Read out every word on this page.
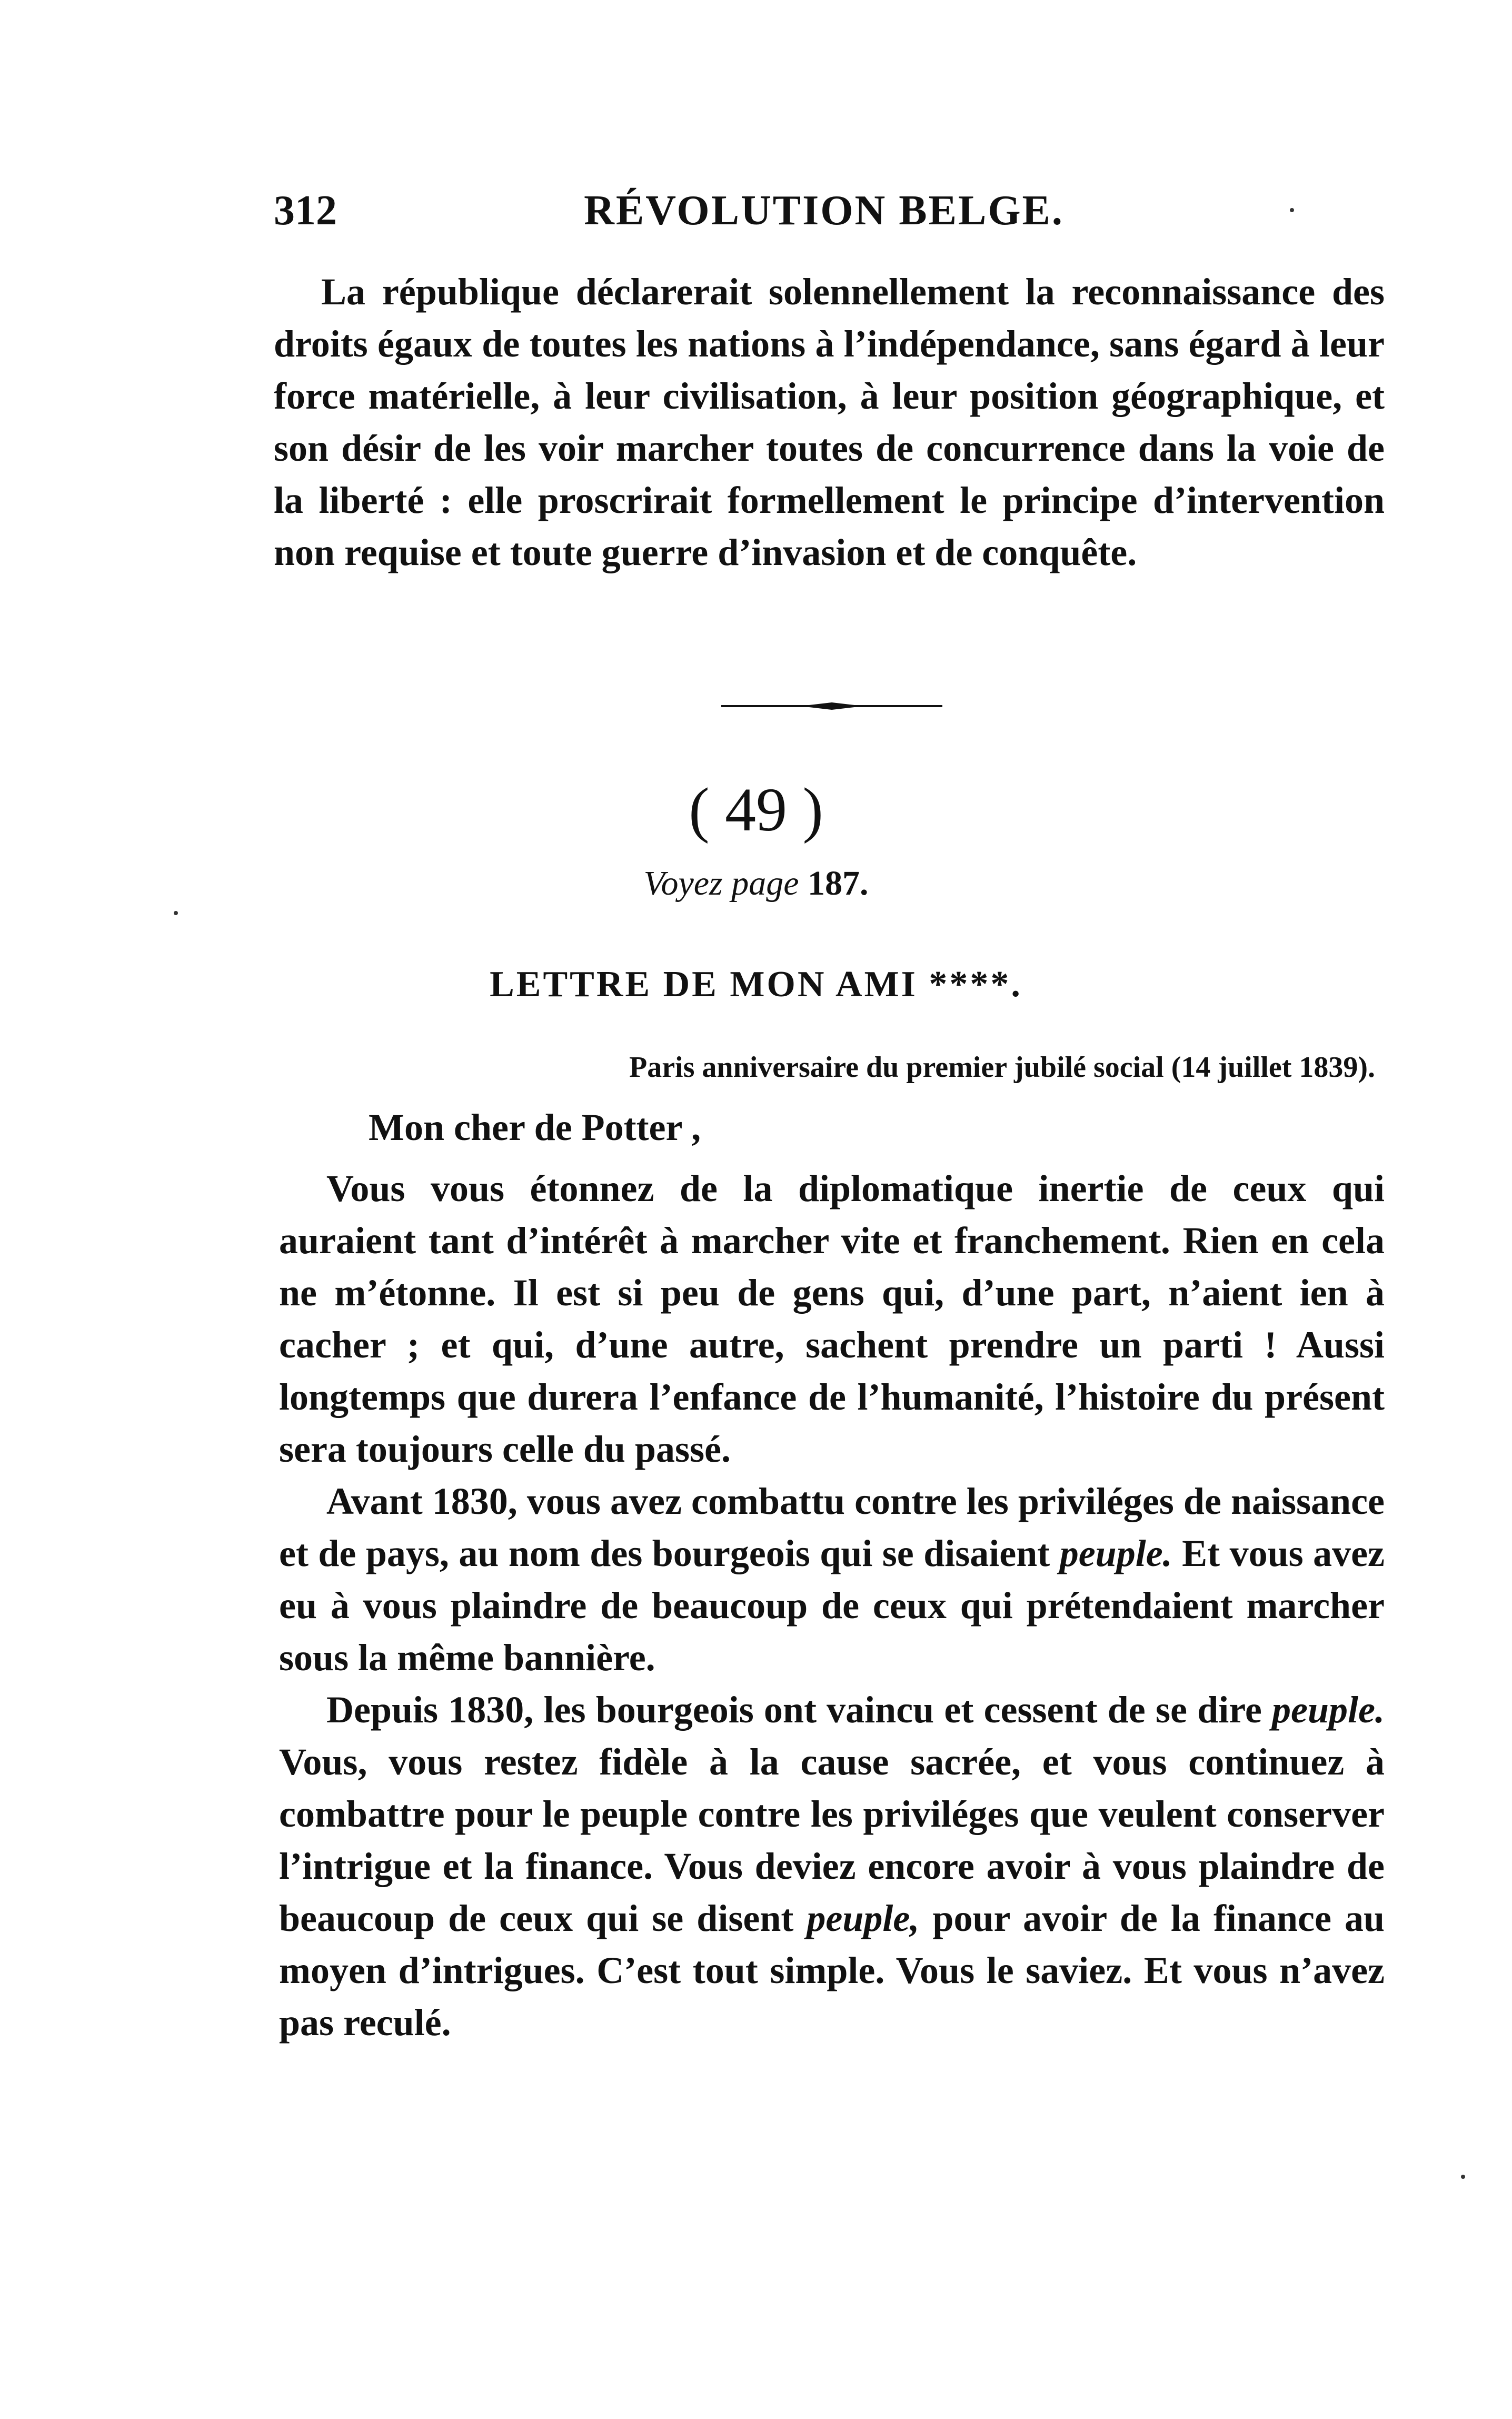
312	RÉVOLUTION BELGE.

La république déclarerait solennellement la reconnaissance des droits égaux de toutes les nations à l’indépendance, sans égard à leur force matérielle, à leur civilisation, à leur position géographique, et son désir de les voir marcher toutes de concurrence dans la voie de la liberté : elle proscrirait formellement le principe d’intervention non requise et toute guerre d’invasion et de conquête.

( 49 )
Voyez page 187.
LETTRE DE MON AMI ****.
Paris anniversaire du premier jubilé social (14 juillet 1839).
Mon cher de Potter ,

Vous vous étonnez de la diplomatique inertie de ceux qui auraient tant d’intérêt à marcher vite et franchement. Rien en cela ne m’étonne. Il est si peu de gens qui, d’une part, n’aient ien à cacher ; et qui, d’une autre, sachent prendre un parti ! Aussi longtemps que durera l’enfance de l’humanité, l’histoire du présent sera toujours celle du passé.

Avant 1830, vous avez combattu contre les priviléges de naissance et de pays, au nom des bourgeois qui se disaient peuple. Et vous avez eu à vous plaindre de beaucoup de ceux qui prétendaient marcher sous la même bannière.

Depuis 1830, les bourgeois ont vaincu et cessent de se dire peuple. Vous, vous restez fidèle à la cause sacrée, et vous continuez à combattre pour le peuple contre les priviléges que veulent conserver l’intrigue et la finance. Vous deviez encore avoir à vous plaindre de beaucoup de ceux qui se disent peuple, pour avoir de la finance au moyen d’intrigues. C’est tout simple. Vous le saviez. Et vous n’avez pas reculé.
